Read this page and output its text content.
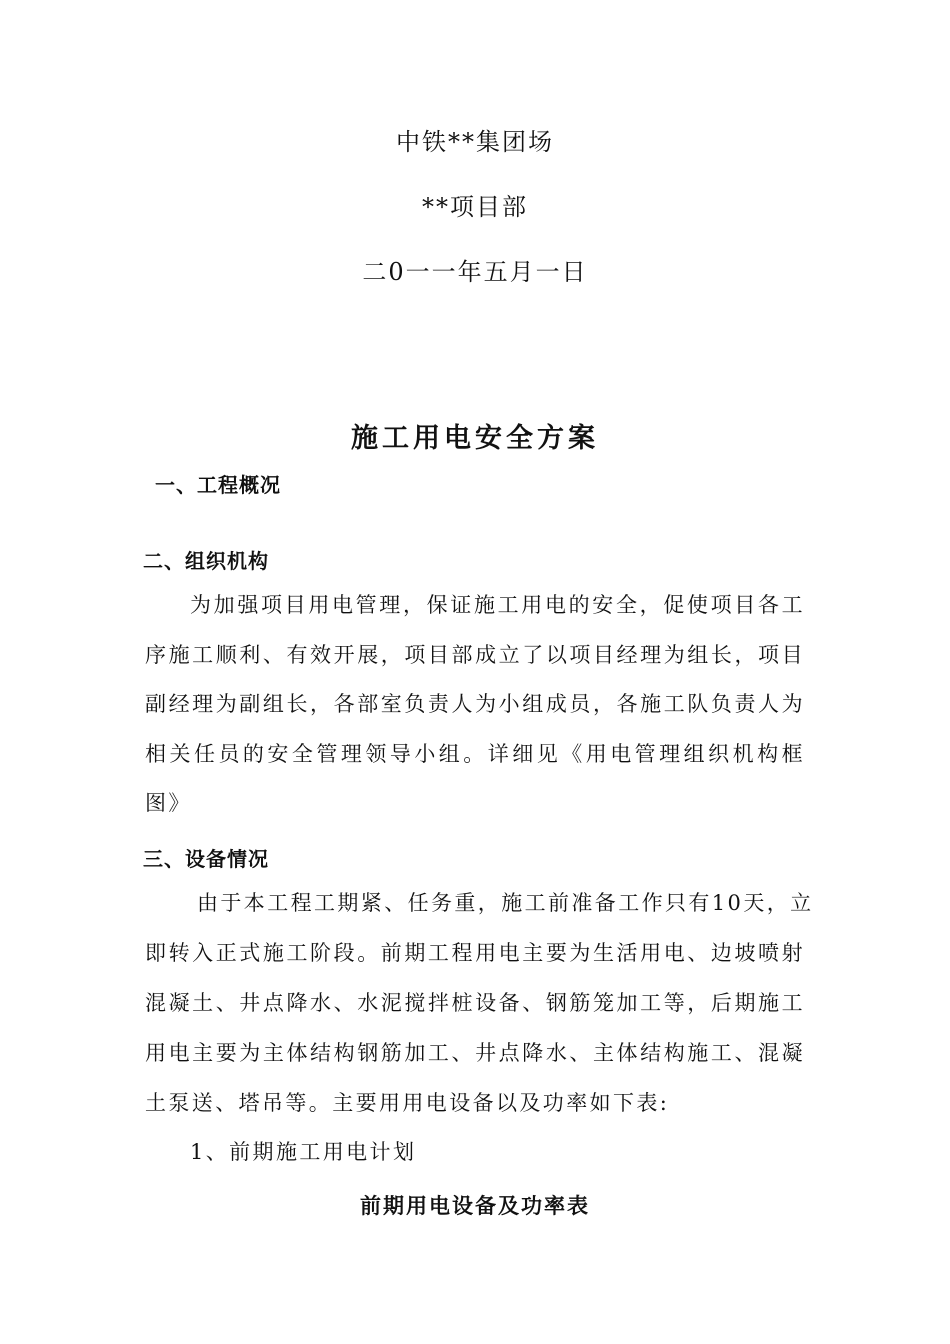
中铁**集团场
**项目部
二0一一年五月一日
施工用电安全方案
一、工程概况
二、组织机构
为加强项目用电管理，保证施工用电的安全，促使项目各工
序施工顺利、有效开展，项目部成立了以项目经理为组长，项目
副经理为副组长，各部室负责人为小组成员，各施工队负责人为
相关任员的安全管理领导小组。详细见《用电管理组织机构框
图》
三、设备情况
由于本工程工期紧、任务重，施工前准备工作只有10天，立
即转入正式施工阶段。前期工程用电主要为生活用电、边坡喷射
混凝土、井点降水、水泥搅拌桩设备、钢筋笼加工等，后期施工
用电主要为主体结构钢筋加工、井点降水、主体结构施工、混凝
土泵送、塔吊等。主要用用电设备以及功率如下表:
1、前期施工用电计划
前期用电设备及功率表
